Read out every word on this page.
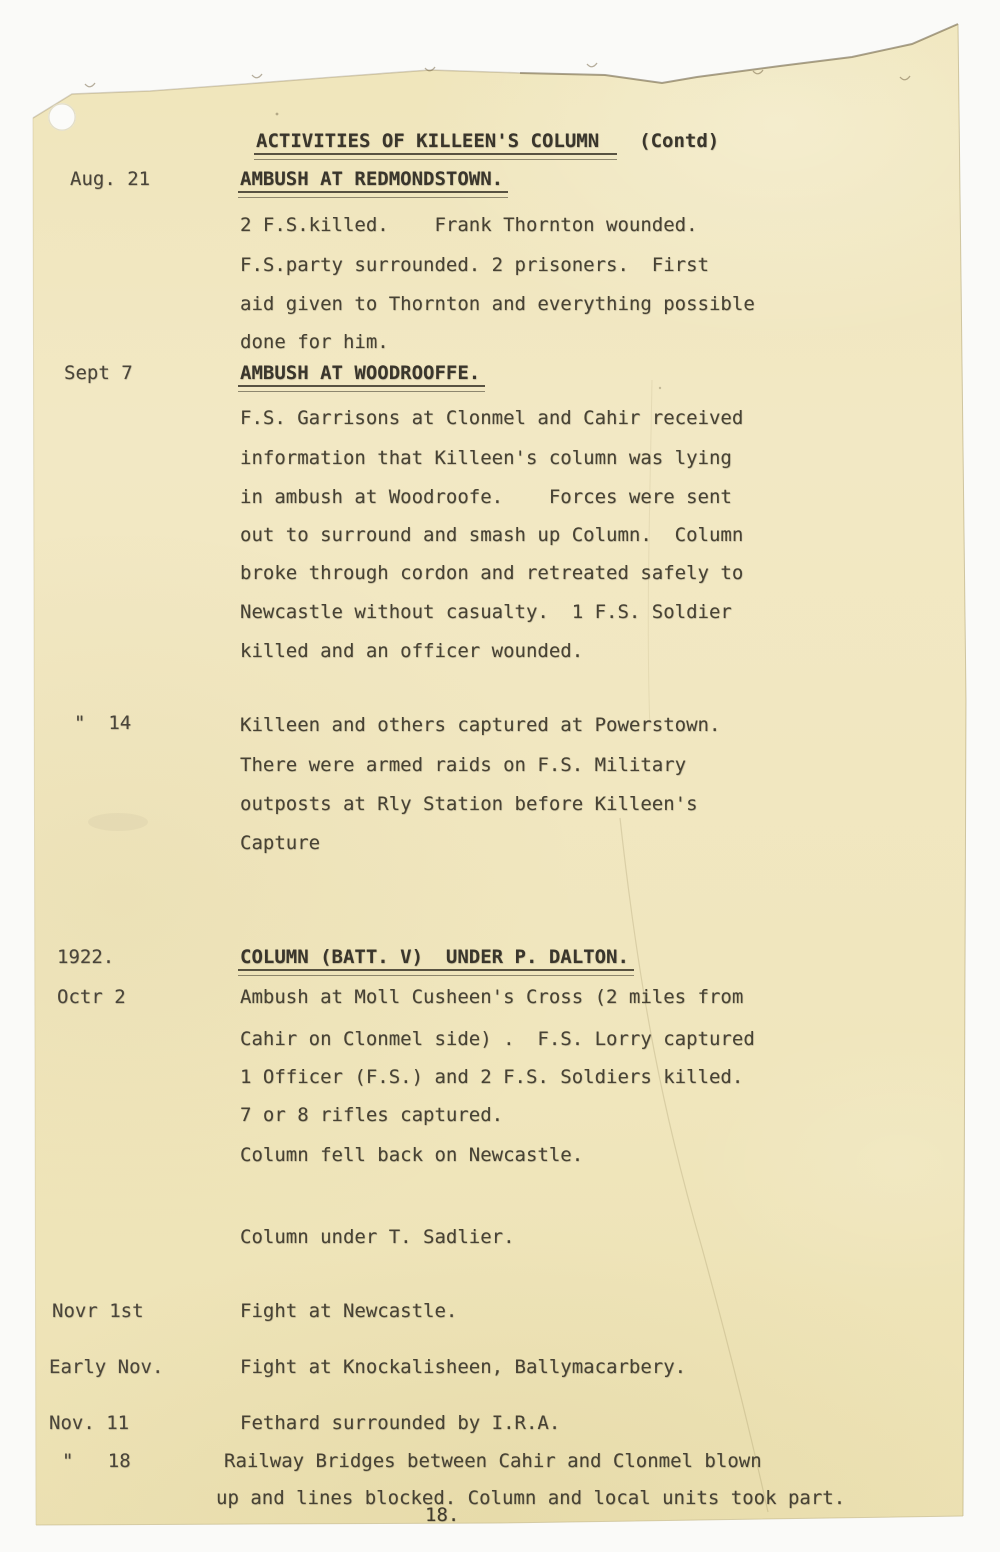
ACTIVITIES OF KILLEEN'S COLUMN (Contd)
Aug. 21	AMBUSH AT REDMONDSTOWN.
2 F.S.killed.    Frank Thornton wounded.
F.S.party surrounded. 2 prisoners.  First
aid given to Thornton and everything possible
done for him.
Sept 7	AMBUSH AT WOODROOFFE.
F.S. Garrisons at Clonmel and Cahir received
information that Killeen's column was lying
in ambush at Woodroofe.    Forces were sent
out to surround and smash up Column.  Column
broke through cordon and retreated safely to
Newcastle without casualty.  1 F.S. Soldier
killed and an officer wounded.
"  14	Killeen and others captured at Powerstown.
There were armed raids on F.S. Military
outposts at Rly Station before Killeen's
Capture
1922.	COLUMN (BATT. V)  UNDER P. DALTON.
Octr 2	Ambush at Moll Cusheen's Cross (2 miles from
Cahir on Clonmel side) .  F.S. Lorry captured
1 Officer (F.S.) and 2 F.S. Soldiers killed.
7 or 8 rifles captured.
Column fell back on Newcastle.
Column under T. Sadlier.
Novr 1st	Fight at Newcastle.
Early Nov.	Fight at Knockalisheen, Ballymacarbery.
Nov. 11	Fethard surrounded by I.R.A.
"   18	Railway Bridges between Cahir and Clonmel blown
up and lines blocked. Column and local units took part.
18.
